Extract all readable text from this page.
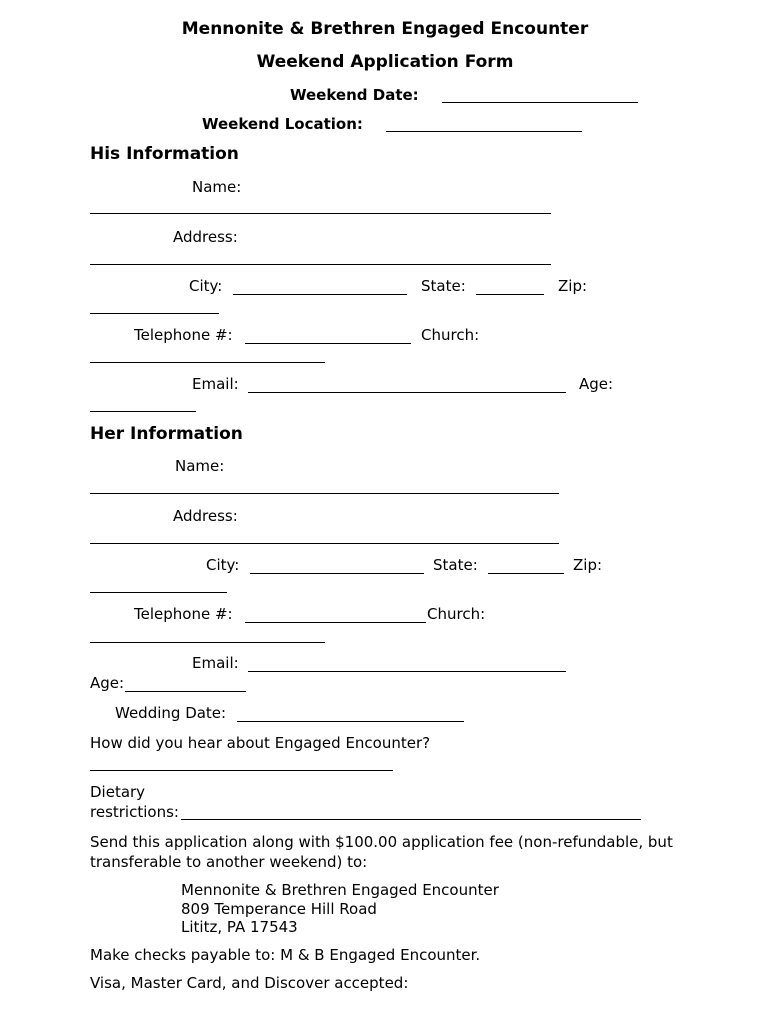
Mennonite & Brethren Engaged Encounter
Weekend Application Form
Weekend Date:
Weekend Location:
His Information
Name:
Address:
City:	State:	Zip:
Telephone #:	Church:
Email:	Age:
Her Information
Name:
Address:
City:	State:	Zip:
Telephone #:	Church:
Email:
Age:
Wedding Date:
How did you hear about Engaged Encounter?
Dietary
restrictions:
Send this application along with $100.00 application fee (non-refundable, but transferable to another weekend) to:
Mennonite & Brethren Engaged Encounter
809 Temperance Hill Road
Lititz, PA 17543
Make checks payable to: M & B Engaged Encounter.
Visa, Master Card, and Discover accepted:
